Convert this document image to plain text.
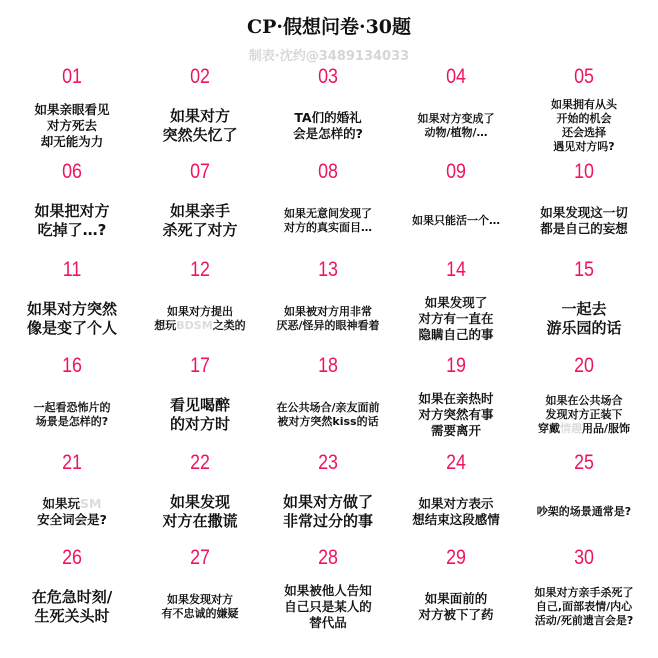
CP·假想问卷·30题
制表·沈约@3489134033
01
如果亲眼看见
对方死去
却无能为力
02
如果对方
突然失忆了
03
TA们的婚礼
会是怎样的?
04
如果对方变成了
动物/植物/…
05
如果拥有从头
开始的机会
还会选择
遇见对方吗?
06
如果把对方
吃掉了…?
07
如果亲手
杀死了对方
08
如果无意间发现了
对方的真实面目…
09
如果只能活一个…
10
如果发现这一切
都是自己的妄想
11
如果对方突然
像是变了个人
12
如果对方提出
想玩BDSM之类的
13
如果被对方用非常
厌恶/怪异的眼神看着
14
如果发现了
对方有一直在
隐瞒自己的事
15
一起去
游乐园的话
16
一起看恐怖片的
场景是怎样的?
17
看见喝醉
的对方时
18
在公共场合/亲友面前
被对方突然kiss的话
19
如果在亲热时
对方突然有事
需要离开
20
如果在公共场合
发现对方正装下
穿戴情趣用品/服饰
21
如果玩SM
安全词会是?
22
如果发现
对方在撒谎
23
如果对方做了
非常过分的事
24
如果对方表示
想结束这段感情
25
吵架的场景通常是?
26
在危急时刻/
生死关头时
27
如果发现对方
有不忠诚的嫌疑
28
如果被他人告知
自己只是某人的
替代品
29
如果面前的
对方被下了药
30
如果对方亲手杀死了
自己,面部表情/内心
活动/死前遗言会是?
